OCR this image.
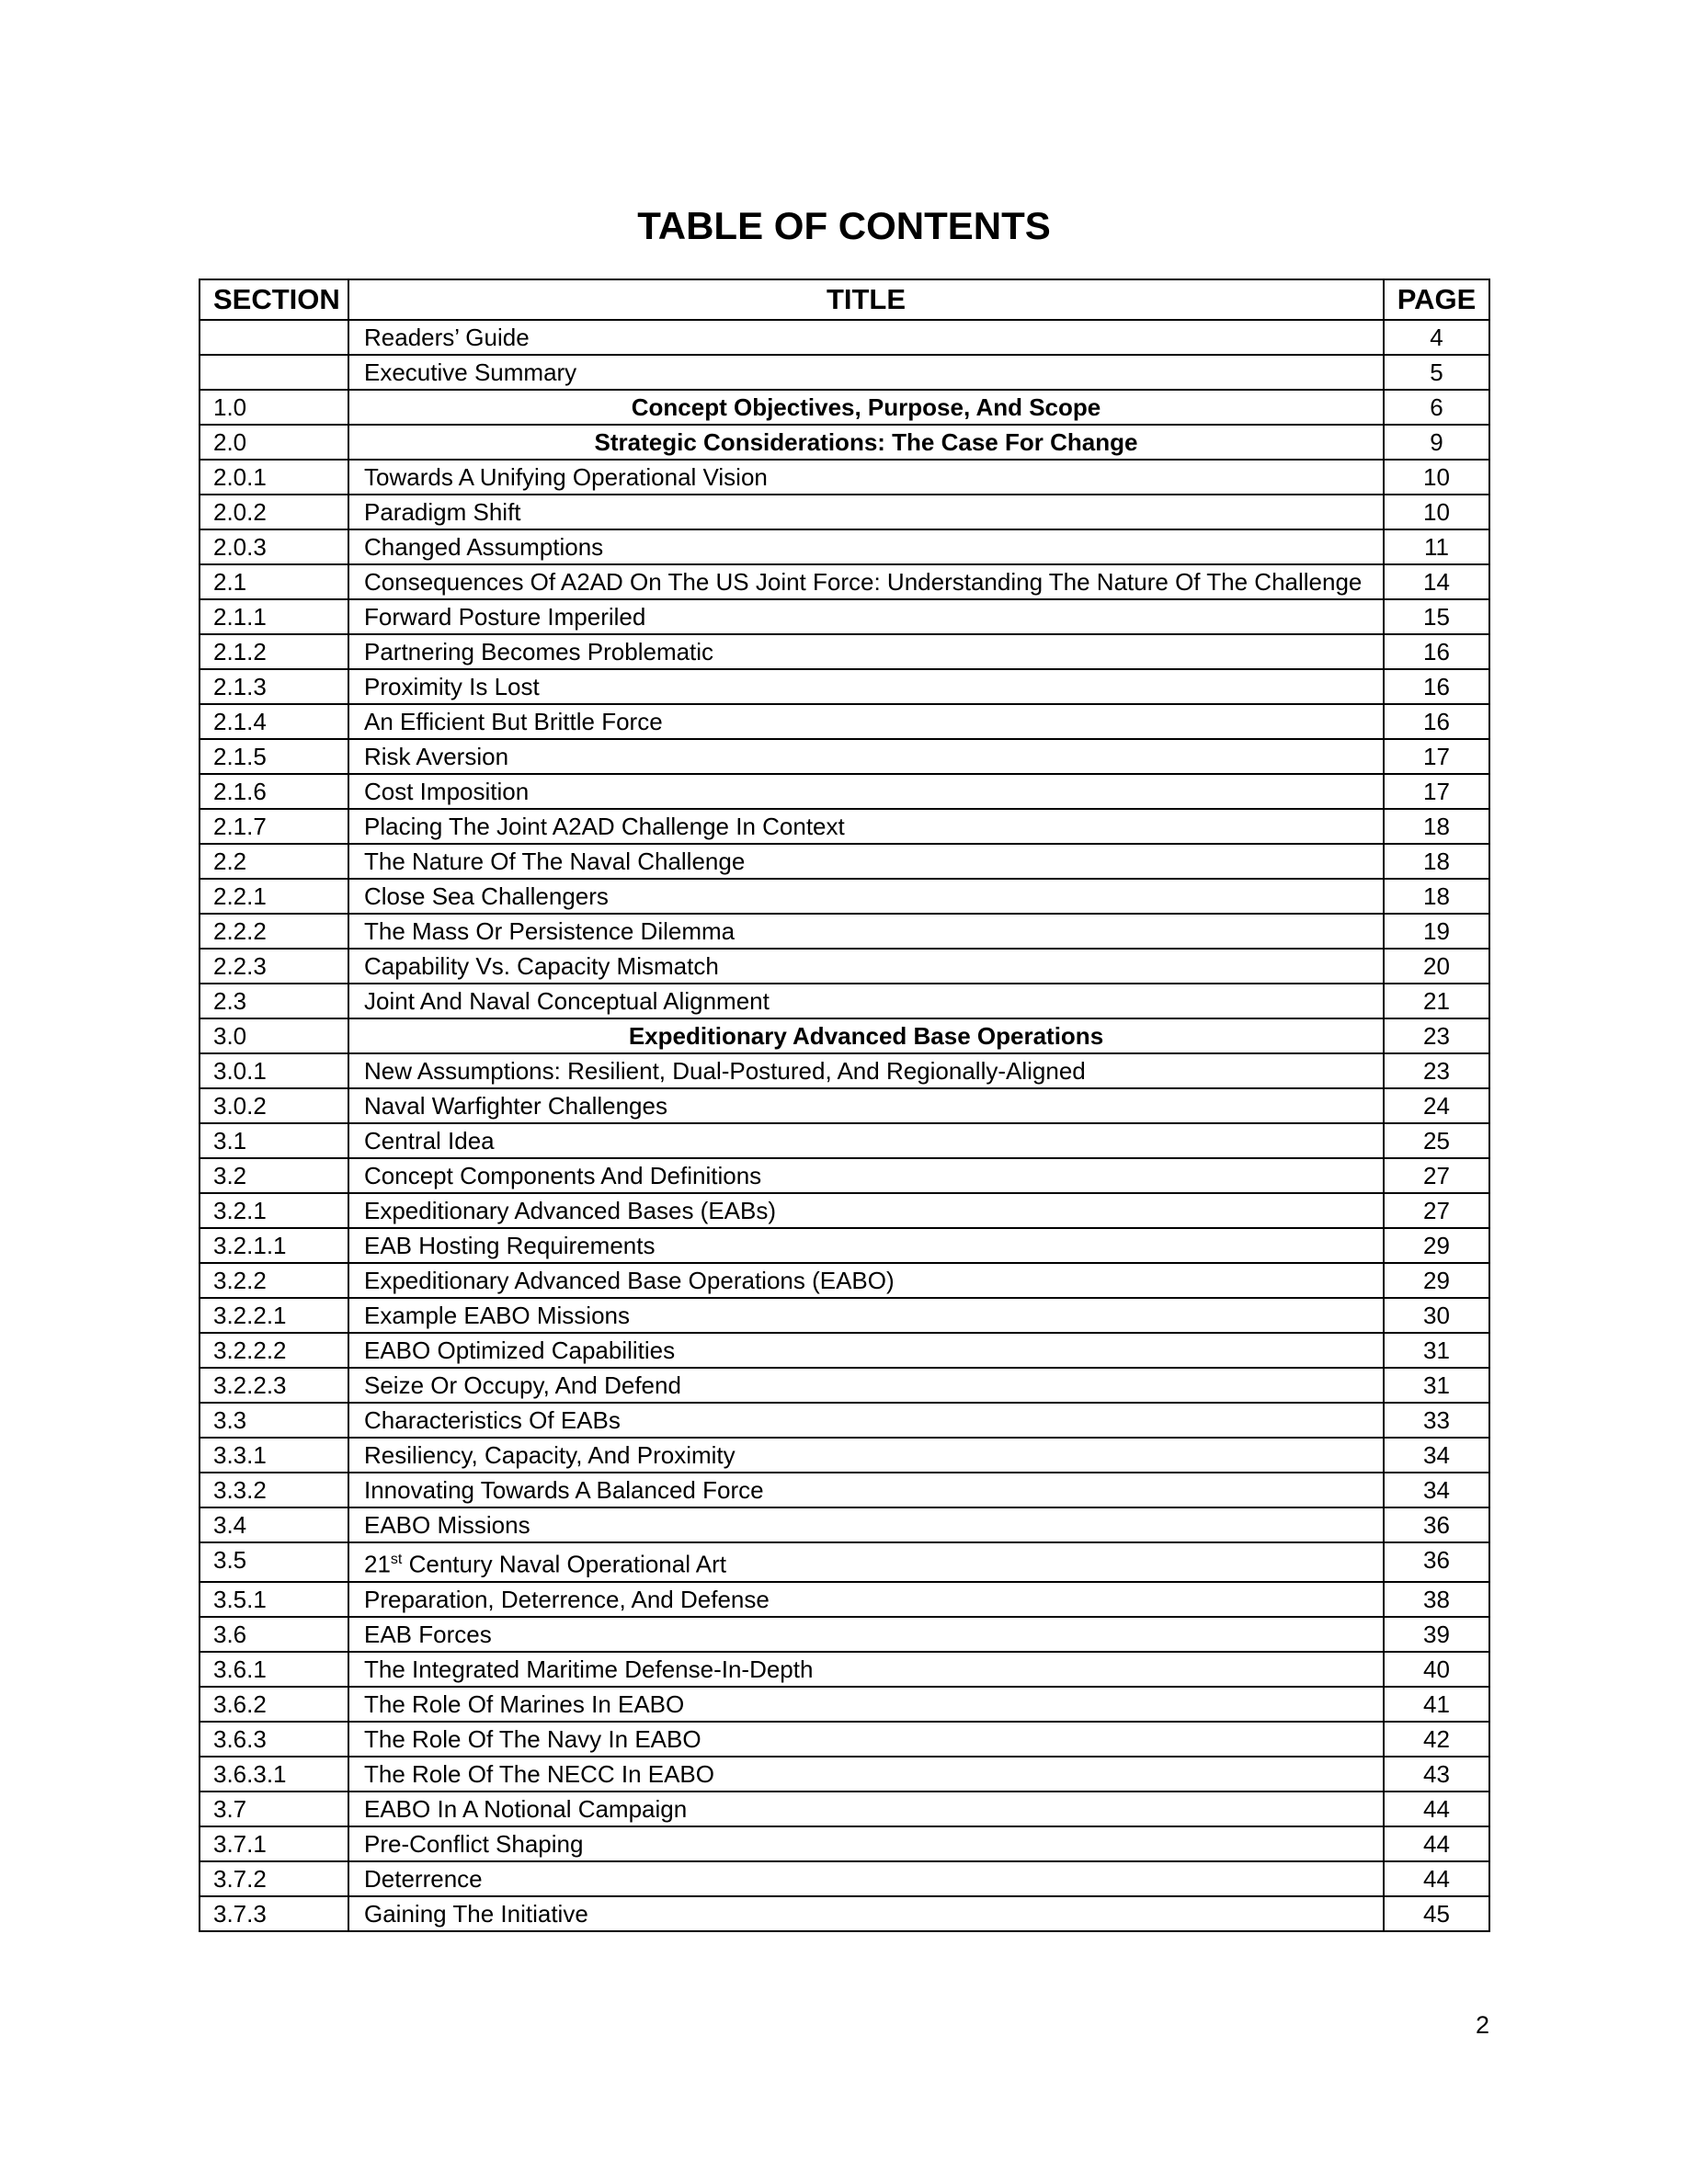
TABLE OF CONTENTS
SECTION	TITLE	PAGE
	Readers’ Guide	4
	Executive Summary	5
1.0	Concept Objectives, Purpose, And Scope	6
2.0	Strategic Considerations: The Case For Change	9
2.0.1	Towards A Unifying Operational Vision	10
2.0.2	Paradigm Shift	10
2.0.3	Changed Assumptions	11
2.1	Consequences Of A2AD On The US Joint Force: Understanding The Nature Of The Challenge	14
2.1.1	Forward Posture Imperiled	15
2.1.2	Partnering Becomes Problematic	16
2.1.3	Proximity Is Lost	16
2.1.4	An Efficient But Brittle Force	16
2.1.5	Risk Aversion	17
2.1.6	Cost Imposition	17
2.1.7	Placing The Joint A2AD Challenge In Context	18
2.2	The Nature Of The Naval Challenge	18
2.2.1	Close Sea Challengers	18
2.2.2	The Mass Or Persistence Dilemma	19
2.2.3	Capability Vs. Capacity Mismatch	20
2.3	Joint And Naval Conceptual Alignment	21
3.0	Expeditionary Advanced Base Operations	23
3.0.1	New Assumptions: Resilient, Dual-Postured, And Regionally-Aligned	23
3.0.2	Naval Warfighter Challenges	24
3.1	Central Idea	25
3.2	Concept Components And Definitions	27
3.2.1	Expeditionary Advanced Bases (EABs)	27
3.2.1.1	EAB Hosting Requirements	29
3.2.2	Expeditionary Advanced Base Operations (EABO)	29
3.2.2.1	Example EABO Missions	30
3.2.2.2	EABO Optimized Capabilities	31
3.2.2.3	Seize Or Occupy, And Defend	31
3.3	Characteristics Of EABs	33
3.3.1	Resiliency, Capacity, And Proximity	34
3.3.2	Innovating Towards A Balanced Force	34
3.4	EABO Missions	36
3.5	21st Century Naval Operational Art	36
3.5.1	Preparation, Deterrence, And Defense	38
3.6	EAB Forces	39
3.6.1	The Integrated Maritime Defense-In-Depth	40
3.6.2	The Role Of Marines In EABO	41
3.6.3	The Role Of The Navy In EABO	42
3.6.3.1	The Role Of The NECC In EABO	43
3.7	EABO In A Notional Campaign	44
3.7.1	Pre-Conflict Shaping	44
3.7.2	Deterrence	44
3.7.3	Gaining The Initiative	45
2
